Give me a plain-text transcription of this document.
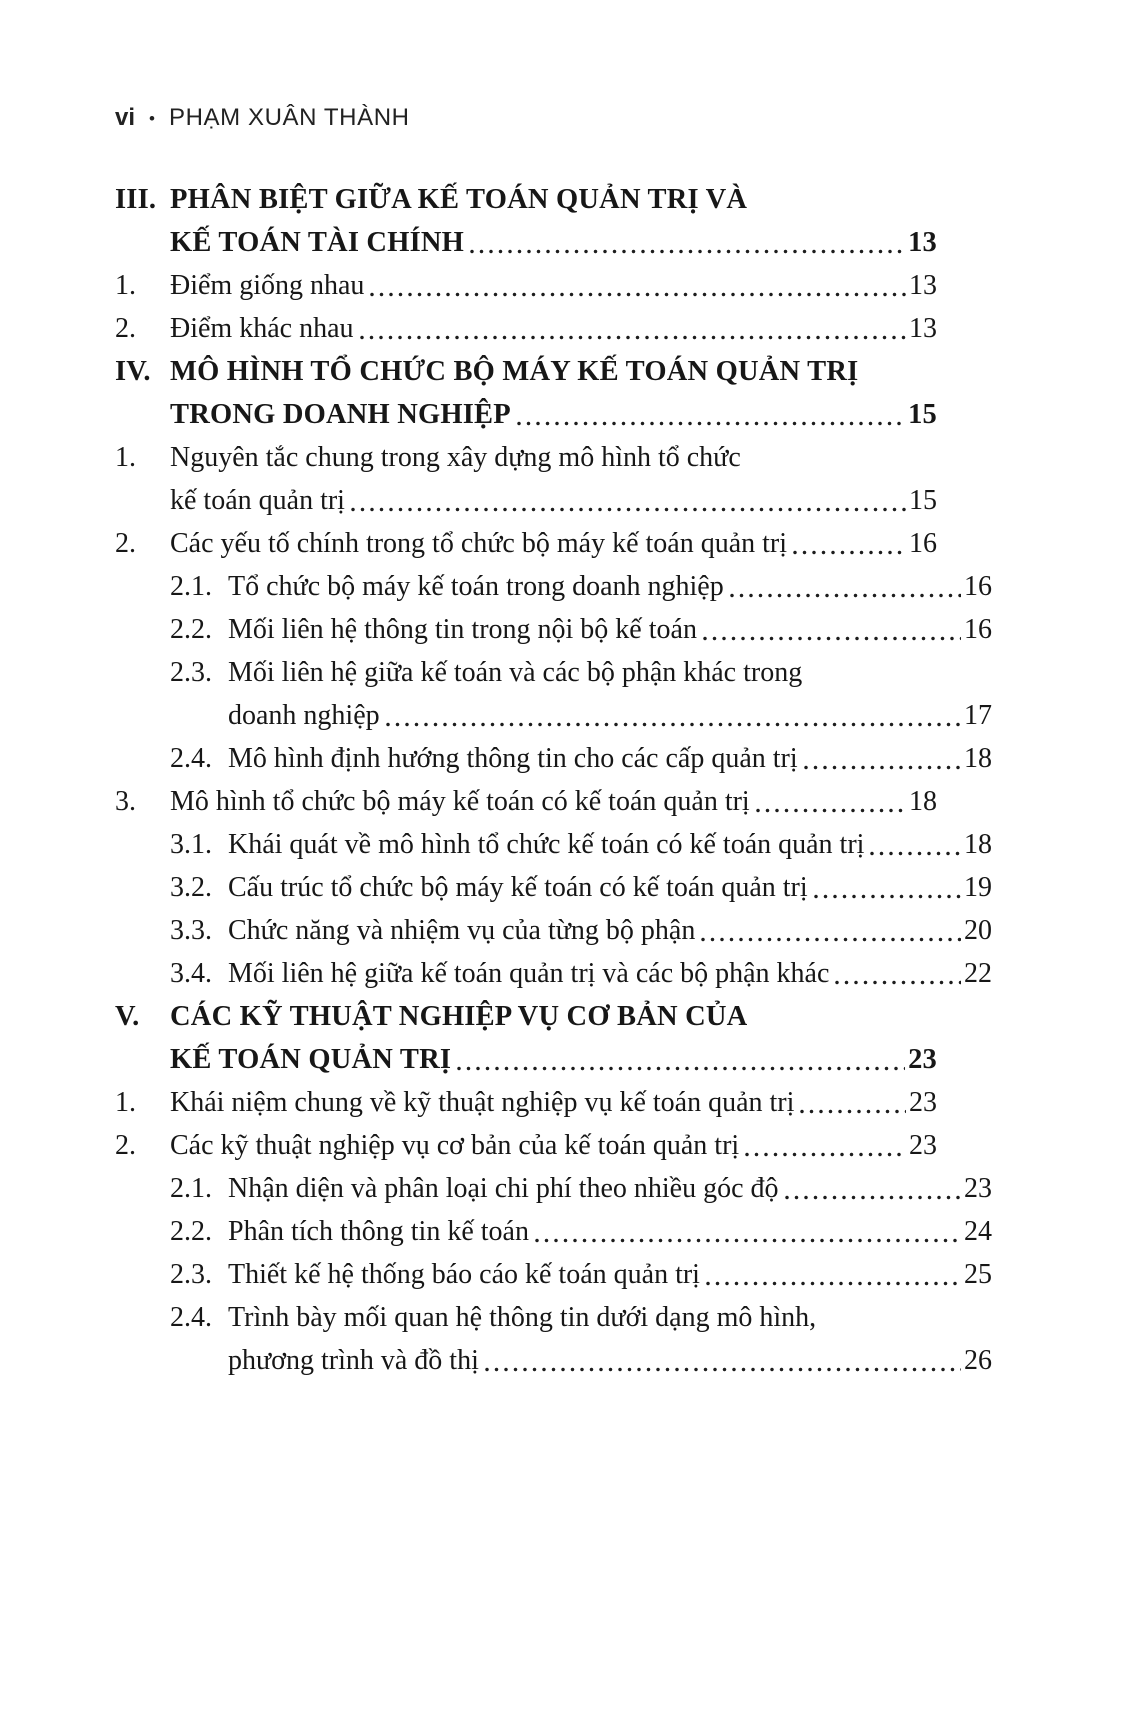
vi • PHẠM XUÂN THÀNH
III. PHÂN BIỆT GIỮA KẾ TOÁN QUẢN TRỊ VÀ
KẾ TOÁN TÀI CHÍNH	13
1.	Điểm giống nhau	13
2.	Điểm khác nhau	13
IV. MÔ HÌNH TỔ CHỨC BỘ MÁY KẾ TOÁN QUẢN TRỊ
TRONG DOANH NGHIỆP	15
1.	Nguyên tắc chung trong xây dựng mô hình tổ chức
kế toán quản trị	15
2.	Các yếu tố chính trong tổ chức bộ máy kế toán quản trị	16
2.1. Tổ chức bộ máy kế toán trong doanh nghiệp	16
2.2. Mối liên hệ thông tin trong nội bộ kế toán	16
2.3. Mối liên hệ giữa kế toán và các bộ phận khác trong
doanh nghiệp	17
2.4. Mô hình định hướng thông tin cho các cấp quản trị	18
3.	Mô hình tổ chức bộ máy kế toán có kế toán quản trị	18
3.1. Khái quát về mô hình tổ chức kế toán có kế toán quản trị	18
3.2. Cấu trúc tổ chức bộ máy kế toán có kế toán quản trị	19
3.3. Chức năng và nhiệm vụ của từng bộ phận	20
3.4. Mối liên hệ giữa kế toán quản trị và các bộ phận khác	22
V.	CÁC KỸ THUẬT NGHIỆP VỤ CƠ BẢN CỦA
KẾ TOÁN QUẢN TRỊ	23
1.	Khái niệm chung về kỹ thuật nghiệp vụ kế toán quản trị	23
2.	Các kỹ thuật nghiệp vụ cơ bản của kế toán quản trị	23
2.1. Nhận diện và phân loại chi phí theo nhiều góc độ	23
2.2. Phân tích thông tin kế toán	24
2.3. Thiết kế hệ thống báo cáo kế toán quản trị	25
2.4. Trình bày mối quan hệ thông tin dưới dạng mô hình,
phương trình và đồ thị	26
